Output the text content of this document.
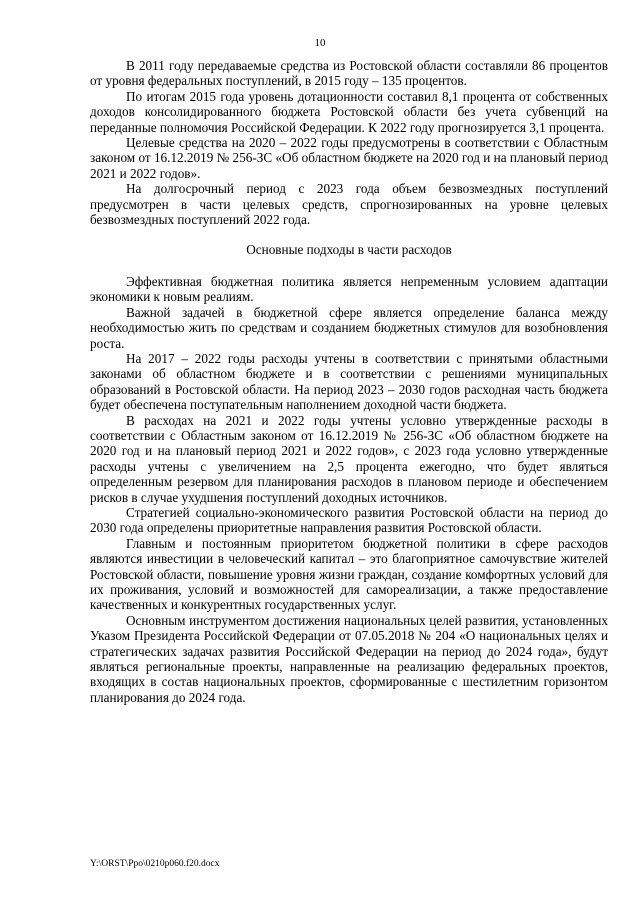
10

В 2011 году передаваемые средства из Ростовской области составляли 86 процентов от уровня федеральных поступлений, в 2015 году – 135 процентов.

По итогам 2015 года уровень дотационности составил 8,1 процента от собственных доходов консолидированного бюджета Ростовской области без учета субвенций на переданные полномочия Российской Федерации. К 2022 году прогнозируется 3,1 процента.

Целевые средства на 2020 – 2022 годы предусмотрены в соответствии с Областным законом от 16.12.2019 № 256-ЗС «Об областном бюджете на 2020 год и на плановый период 2021 и 2022 годов».

На долгосрочный период с 2023 года объем безвозмездных поступлений предусмотрен в части целевых средств, спрогнозированных на уровне целевых безвозмездных поступлений 2022 года.

Основные подходы в части расходов

Эффективная бюджетная политика является непременным условием адаптации экономики к новым реалиям.

Важной задачей в бюджетной сфере является определение баланса между необходимостью жить по средствам и созданием бюджетных стимулов для возобновления роста.

На 2017 – 2022 годы расходы учтены в соответствии с принятыми областными законами об областном бюджете и в соответствии с решениями муниципальных образований в Ростовской области. На период 2023 – 2030 годов расходная часть бюджета будет обеспечена поступательным наполнением доходной части бюджета.

В расходах на 2021 и 2022 годы учтены условно утвержденные расходы в соответствии с Областным законом от 16.12.2019 № 256-ЗС «Об областном бюджете на 2020 год и на плановый период 2021 и 2022 годов», с 2023 года условно утвержденные расходы учтены с увеличением на 2,5 процента ежегодно, что будет являться определенным резервом для планирования расходов в плановом периоде и обеспечением рисков в случае ухудшения поступлений доходных источников.

Стратегией социально-экономического развития Ростовской области на период до 2030 года определены приоритетные направления развития Ростовской области.

Главным и постоянным приоритетом бюджетной политики в сфере расходов являются инвестиции в человеческий капитал – это благоприятное самочувствие жителей Ростовской области, повышение уровня жизни граждан, создание комфортных условий для их проживания, условий и возможностей для самореализации, а также предоставление качественных и конкурентных государственных услуг.

Основным инструментом достижения национальных целей развития, установленных Указом Президента Российской Федерации от 07.05.2018 № 204 «О национальных целях и стратегических задачах развития Российской Федерации на период до 2024 года», будут являться региональные проекты, направленные на реализацию федеральных проектов, входящих в состав национальных проектов, сформированные с шестилетним горизонтом планирования до 2024 года.

Y:\ORST\Ppo\0210p060.f20.docx
